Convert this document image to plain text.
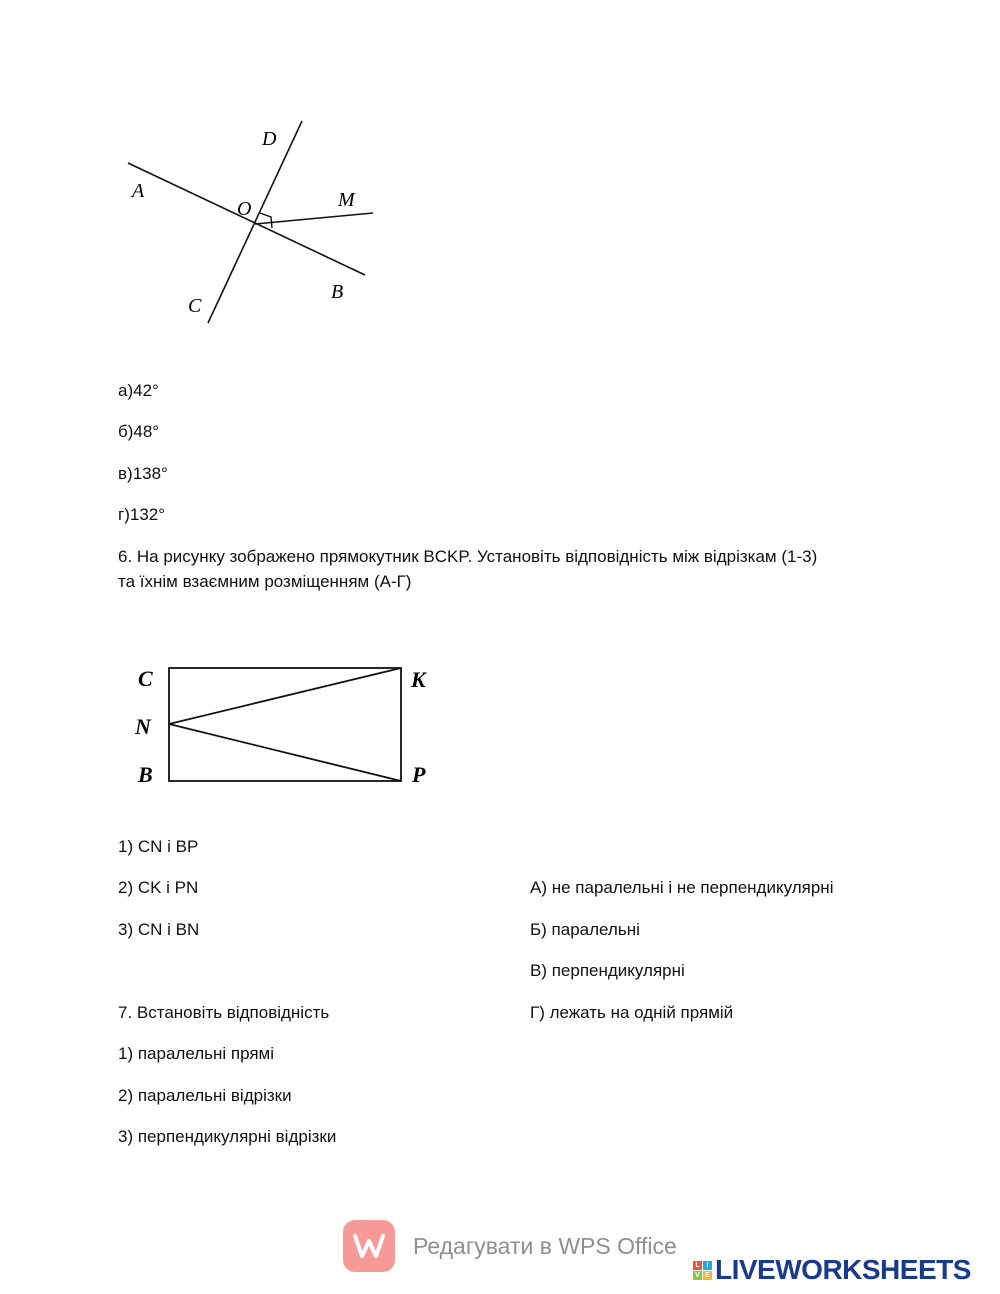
A
D
O	M
C
B
а)42°
б)48°
в)138°
г)132°
6. На рисунку зображено прямокутник BCKP. Установіть відповідність між відрізкам (1-3)
та їхнім взаємним розміщенням (А-Г)
C	K
N
B	P
1) CN і BP
2) CK і PN
3) CN і BN
А) не паралельні і не перпендикулярні
Б) паралельні
В) перпендикулярні
Г) лежать на одній прямій
7. Встановіть відповідність
1) паралельні прямі
2) паралельні відрізки
3) перпендикулярні відрізки
Редагувати в WPS Office
L I
V E LIVEWORKSHEETS
